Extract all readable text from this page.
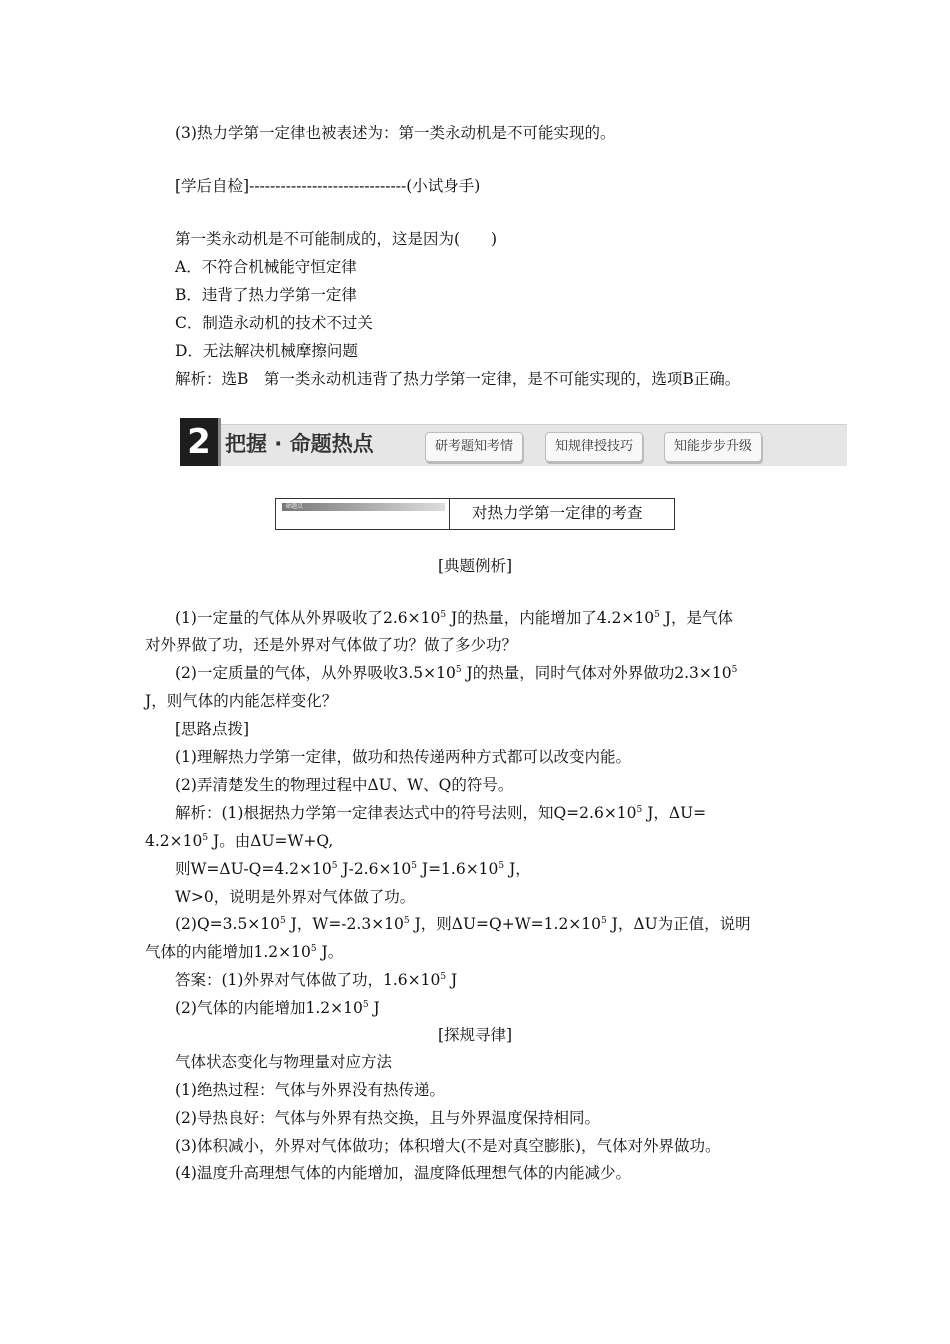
(3)热力学第一定律也被表述为：第一类永动机是不可能实现的。
[学后自检]------------------------------(小试身手)
第一类永动机是不可能制成的，这是因为(　　)
A．不符合机械能守恒定律
B．违背了热力学第一定律
C．制造永动机的技术不过关
D．无法解决机械摩擦问题
解析：选B　第一类永动机违背了热力学第一定律，是不可能实现的，选项B正确。
2 把握 · 命题热点	研考题知考情	知规律授技巧	知能步步升级
命题点	对热力学第一定律的考查
[典题例析]
(1)一定量的气体从外界吸收了$2.6\times 10^5$ J的热量，内能增加了$4.2\times 10^5$ J，是气体
对外界做了功，还是外界对气体做了功？做了多少功？
(2)一定质量的气体，从外界吸收$3.5\times 10^5$ J的热量，同时气体对外界做功$2.3\times 10^5$
J，则气体的内能怎样变化？
[思路点拨]
(1)理解热力学第一定律，做功和热传递两种方式都可以改变内能。
(2)弄清楚发生的物理过程中ΔU、W、Q的符号。
解析：(1)根据热力学第一定律表达式中的符号法则，知$Q=2.6\times 10^5$ J，ΔU=
$4.2\times 10^5$ J。由ΔU=W+Q,
则$W=\Delta U-Q=4.2\times 10^5$ $J-2.6\times 10^5$ $J=1.6\times 10^5$ J，
W>0，说明是外界对气体做了功。
$(2)Q=3.5\times 10^5$ J，$W=-2.3\times 10^5$ J，则$\Delta U=Q+W=1.2\times 10^5$ J，ΔU为正值，说明
气体的内能增加$1.2\times 10^5$ J。
答案：(1)外界对气体做了功，$1.6\times 10^5$ J
(2)气体的内能增加$1.2\times 10^5$ J
[探规寻律]
气体状态变化与物理量对应方法
(1)绝热过程：气体与外界没有热传递。
(2)导热良好：气体与外界有热交换，且与外界温度保持相同。
(3)体积减小，外界对气体做功；体积增大(不是对真空膨胀)，气体对外界做功。
(4)温度升高理想气体的内能增加，温度降低理想气体的内能减少。
